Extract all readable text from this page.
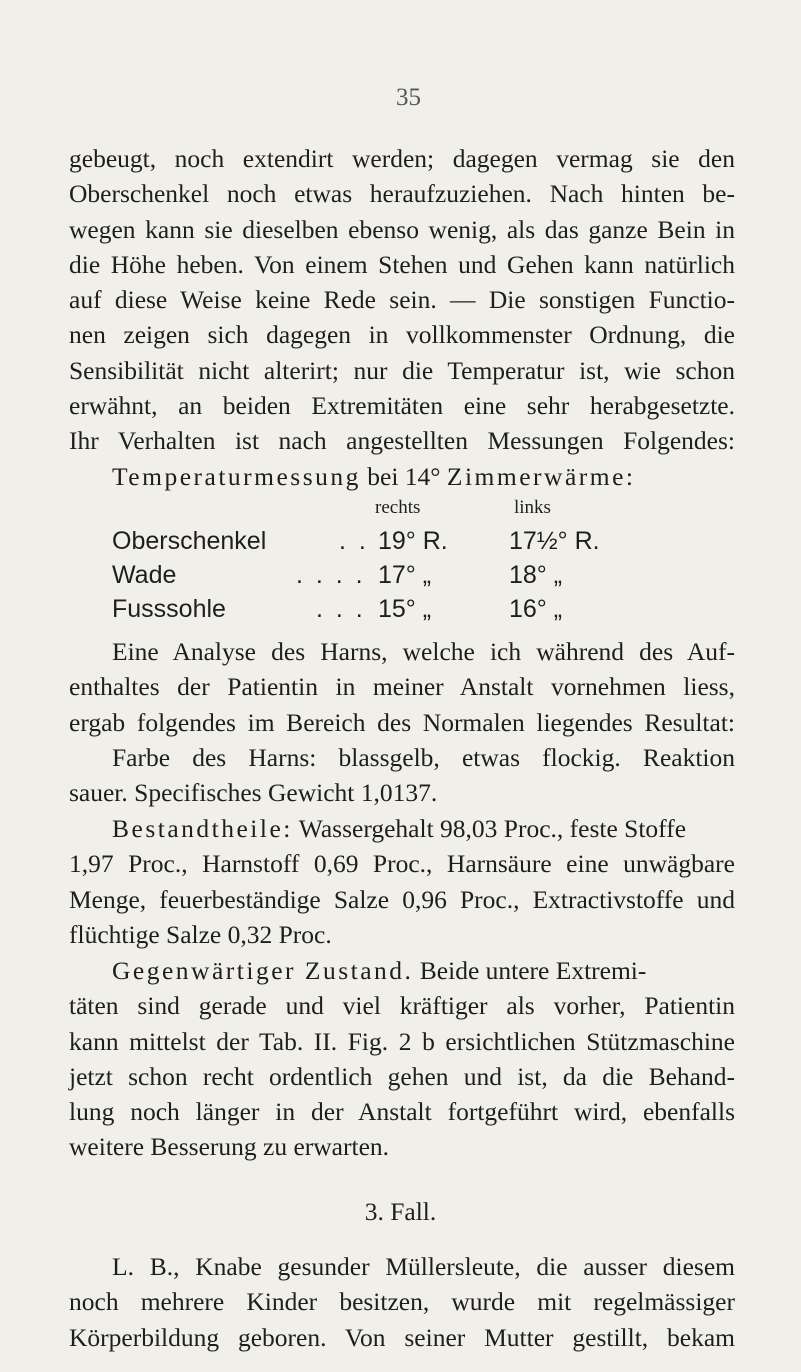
35
gebeugt, noch extendirt werden; dagegen vermag sie den
Oberschenkel noch etwas heraufzuziehen. Nach hinten be-
wegen kann sie dieselben ebenso wenig, als das ganze Bein in
die Höhe heben. Von einem Stehen und Gehen kann natürlich
auf diese Weise keine Rede sein. — Die sonstigen Functio-
nen zeigen sich dagegen in vollkommenster Ordnung, die
Sensibilität nicht alterirt; nur die Temperatur ist, wie schon
erwähnt, an beiden Extremitäten eine sehr herabgesetzte.
Ihr Verhalten ist nach angestellten Messungen Folgendes:
Temperaturmessung bei 14° Zimmerwärme:
rechts	links
Oberschenkel	. . 19° R. 17½° R.
Wade	. . . . 17° „	18° „
Fusssohle	. . . 15° „	16° „
Eine Analyse des Harns, welche ich während des Auf-
enthaltes der Patientin in meiner Anstalt vornehmen liess,
ergab folgendes im Bereich des Normalen liegendes Resultat:
Farbe des Harns: blassgelb, etwas flockig. Reaktion
sauer. Specifisches Gewicht 1,0137.
Bestandtheile: Wassergehalt 98,03 Proc., feste Stoffe
1,97 Proc., Harnstoff 0,69 Proc., Harnsäure eine unwägbare
Menge, feuerbeständige Salze 0,96 Proc., Extractivstoffe und
flüchtige Salze 0,32 Proc.
Gegenwärtiger Zustand. Beide untere Extremi-
täten sind gerade und viel kräftiger als vorher, Patientin
kann mittelst der Tab. II. Fig. 2 b ersichtlichen Stützmaschine
jetzt schon recht ordentlich gehen und ist, da die Behand-
lung noch länger in der Anstalt fortgeführt wird, ebenfalls
weitere Besserung zu erwarten.
3. Fall.
L. B., Knabe gesunder Müllersleute, die ausser diesem
noch mehrere Kinder besitzen, wurde mit regelmässiger
Körperbildung geboren. Von seiner Mutter gestillt, bekam
